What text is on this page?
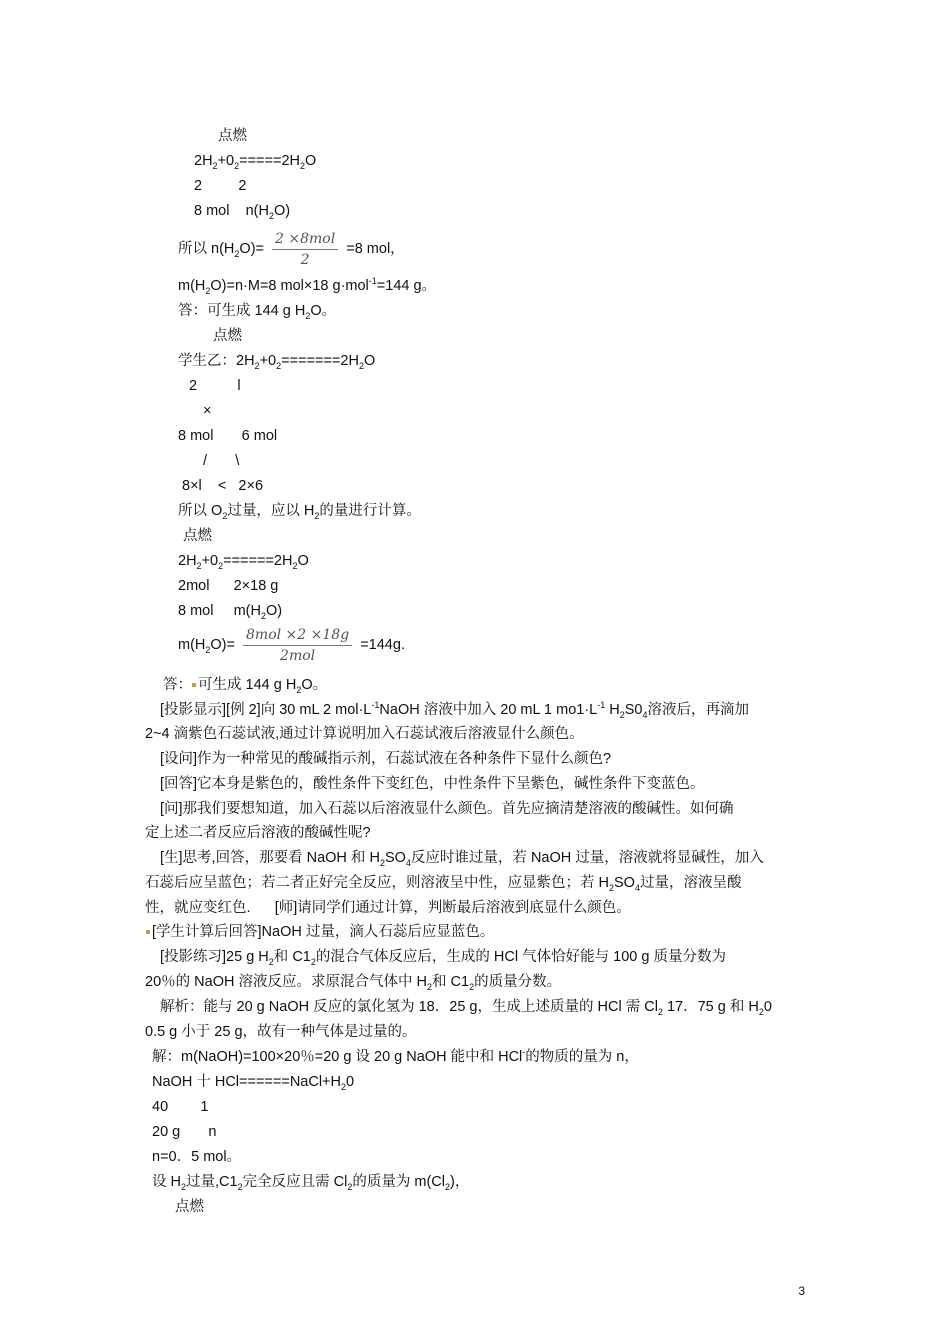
点燃
$2H_2+0_2=====2H_2O$
2         2
8 mol    $n(H_2O)$
所以 $n(H_2O)= \frac{\text{2 ×8mol}}{2} =8$ mol，
$m(H_2O)=n\cdot M=8$ mol×18 g·mol$^{-1}$=144 g。
答：可生成 144 g $H_2O$。
点燃
学生乙：$2H_2+0_2=======2H_2O$
2          l
×
8 mol       6 mol
/       \
8×l    <   2×6
所以 $O_2$过量，应以 $H_2$的量进行计算。
点燃
$2H_2+0_2======2H_2O$
2mol      2×18 g
8 mol     $m(H_2O)$
$m(H_2O)= \frac{\text{8mol ×2 ×18g}}{\text{2mol}} =144g$.
答： 可生成 144 g $H_2O$。
[投影显示][例 2]向 30 mL 2 $mol\cdot L^{-1}NaOH$ 溶液中加入 20 mL 1 $mo1\cdot L^{-1}$ $H_2S0_4$溶液后，再滴加
2~4 滴紫色石蕊试液,通过计算说明加入石蕊试液后溶液显什么颜色。
[设问]作为一种常见的酸碱指示剂，石蕊试液在各种条件下显什么颜色?
[回答]它本身是紫色的，酸性条件下变红色，中性条件下呈紫色，碱性条件下变蓝色。
[问]那我们要想知道，加入石蕊以后溶液显什么颜色。首先应摘清楚溶液的酸碱性。如何确
定上述二者反应后溶液的酸碱性呢?
[生]思考,回答，那要看 NaOH 和 $H_2SO_4$反应时谁过量，若 NaOH 过量，溶液就将显碱性，加入
石蕊后应呈蓝色；若二者正好完全反应，则溶液呈中性，应显紫色；若 $H_2SO_4$过量，溶液呈酸
性，就应变红色.      [师]请同学们通过计算，判断最后溶液到底显什么颜色。
[学生计算后回答]NaOH 过量，滴人石蕊后应显蓝色。
[投影练习]25 g $H_2$和 $C1_2$的混合气体反应后，生成的 HCl 气体恰好能与 100 g 质量分数为
20％的 NaOH 溶液反应。求原混合气体中 $H_2$和 $C1_2$的质量分数。
解析：能与 20 g NaOH 反应的氯化氢为 18．25 g，生成上述质量的 HCl 需 $Cl_2$ 17．75 g 和 $H_20$
0.5 g 小于 25 g，故有一种气体是过量的。
解：m(NaOH)=100×20％=20 g 设 20 g NaOH 能中和 HCl-的物质的量为 n，
NaOH 十 $HCl======NaCl+H_20$
40        1
20 g       n
n=0．5 mol。
设 $H_2$过量$,C1_2$完全反应且需 $Cl_2$的质量为 $m(Cl_2)$，
点燃
3
